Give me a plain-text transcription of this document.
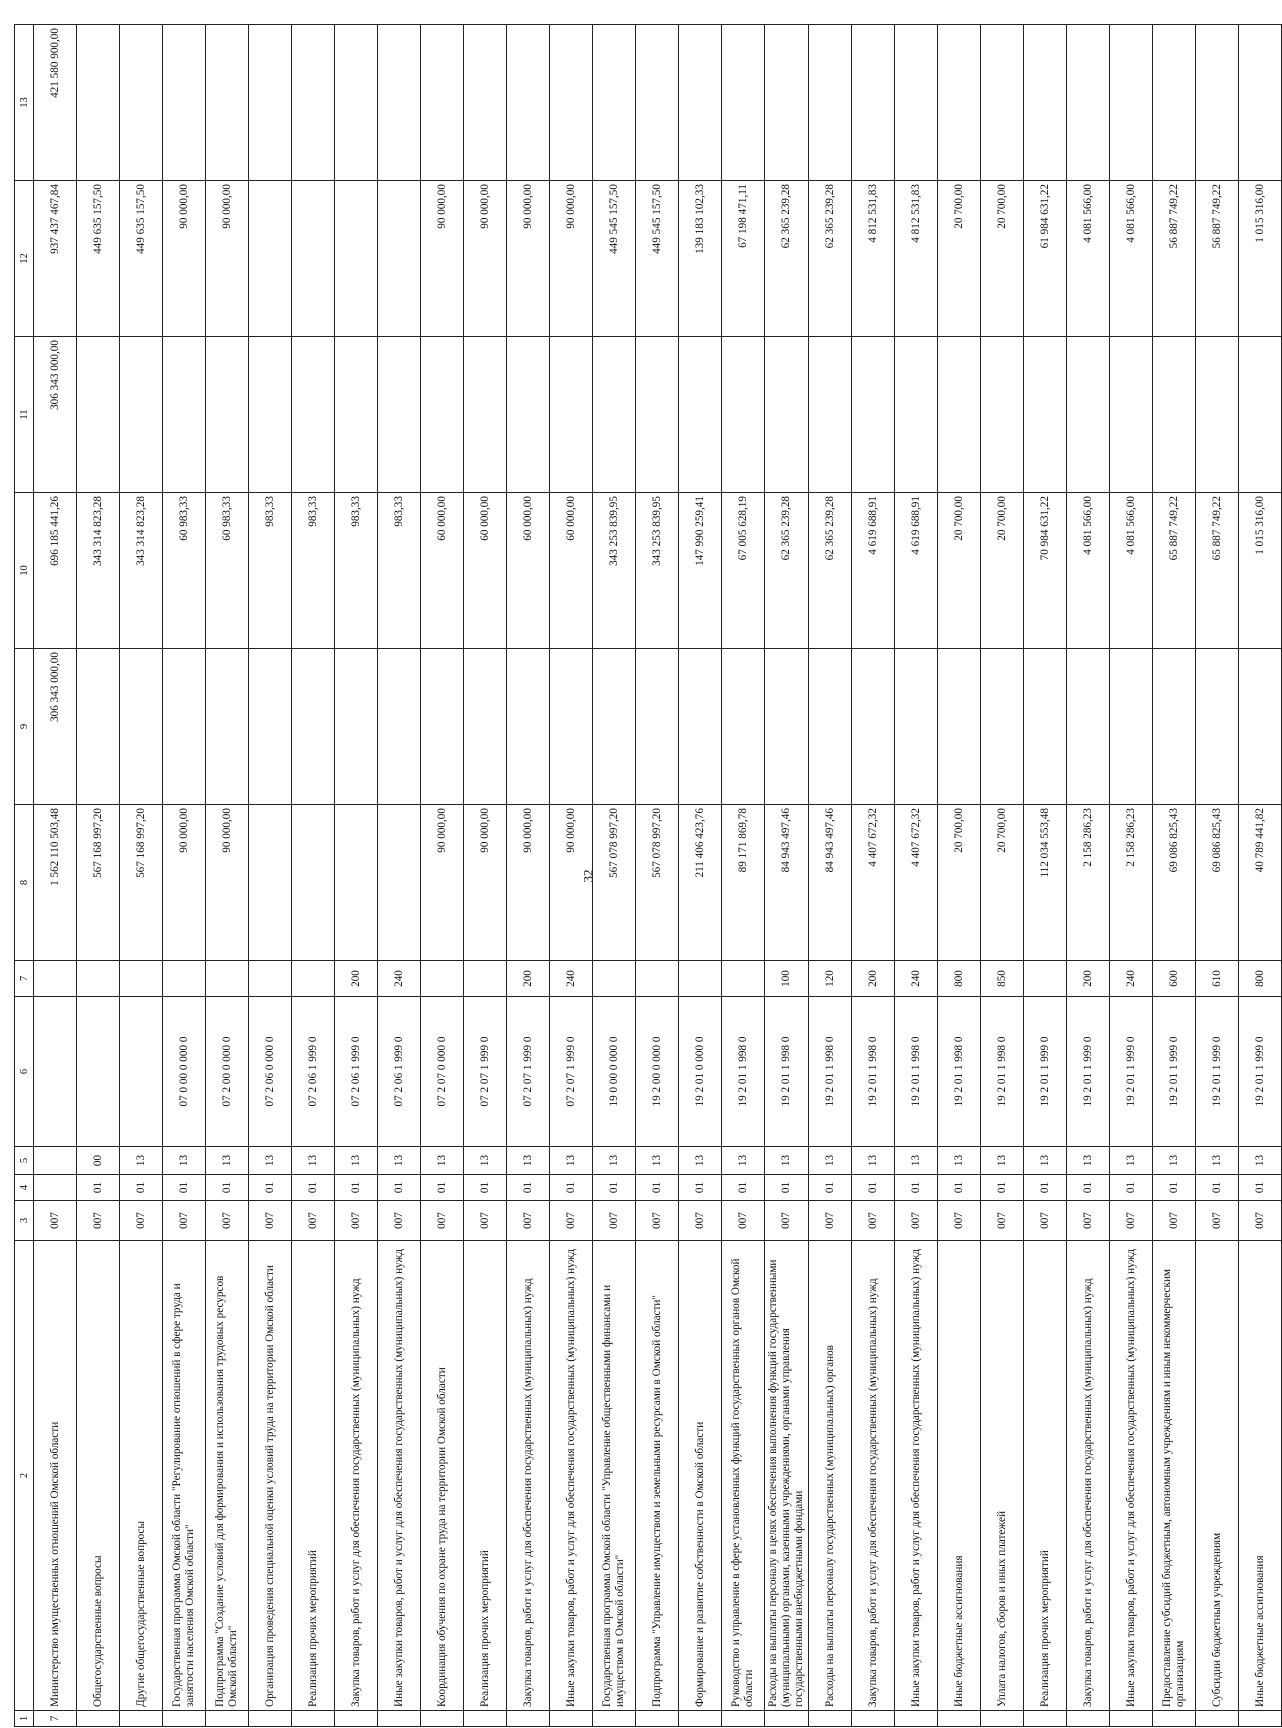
32
1	2	3	4	5	6	7	8	9	10	11	12	13
7	Министерство имущественных отношений Омской области	007					1 562 110 503,48	306 343 000,00	696 185 441,26	306 343 000,00	937 437 467,84	421 580 900,00
	Общегосударственные вопросы	007	01	00			567 168 997,20		343 314 823,28		449 635 157,50	
	Другие общегосударственные вопросы	007	01	13			567 168 997,20		343 314 823,28		449 635 157,50	
	Государственная программа Омской области "Регулирование отношений в сфере труда и занятости населения Омской области"	007	01	13	07 0 00 0 000 0		90 000,00		60 983,33		90 000,00	
	Подпрограмма "Создание условий для формирования и использования трудовых ресурсов Омской области"	007	01	13	07 2 00 0 000 0		90 000,00		60 983,33		90 000,00	
	Организация проведения специальной оценки условий труда на территории Омской области	007	01	13	07 2 06 0 000 0				983,33			
	Реализация прочих мероприятий	007	01	13	07 2 06 1 999 0				983,33			
	Закупка товаров, работ и услуг для обеспечения государственных (муниципальных) нужд	007	01	13	07 2 06 1 999 0	200			983,33			
	Иные закупки товаров, работ и услуг для обеспечения государственных (муниципальных) нужд	007	01	13	07 2 06 1 999 0	240			983,33			
	Координация обучения по охране труда на территории Омской области	007	01	13	07 2 07 0 000 0		90 000,00		60 000,00		90 000,00	
	Реализация прочих мероприятий	007	01	13	07 2 07 1 999 0		90 000,00		60 000,00		90 000,00	
	Закупка товаров, работ и услуг для обеспечения государственных (муниципальных) нужд	007	01	13	07 2 07 1 999 0	200	90 000,00		60 000,00		90 000,00	
	Иные закупки товаров, работ и услуг для обеспечения государственных (муниципальных) нужд	007	01	13	07 2 07 1 999 0	240	90 000,00		60 000,00		90 000,00	
	Государственная программа Омской области "Управление общественными финансами и имуществом в Омской области"	007	01	13	19 0 00 0 000 0		567 078 997,20		343 253 839,95		449 545 157,50	
	Подпрограмма "Управление имуществом и земельными ресурсами в Омской области"	007	01	13	19 2 00 0 000 0		567 078 997,20		343 253 839,95		449 545 157,50	
	Формирование и развитие собственности в Омской области	007	01	13	19 2 01 0 000 0		211 406 423,76		147 990 259,41		139 183 102,33	
	Руководство и управление в сфере установленных функций государственных органов Омской области	007	01	13	19 2 01 1 998 0		89 171 869,78		67 005 628,19		67 198 471,11	
	Расходы на выплаты персоналу в целях обеспечения выполнения функций государственными (муниципальными) органами, казенными учреждениями, органами управления государственными внебюджетными фондами	007	01	13	19 2 01 1 998 0	100	84 943 497,46		62 365 239,28		62 365 239,28	
	Расходы на выплаты персоналу государственных (муниципальных) органов	007	01	13	19 2 01 1 998 0	120	84 943 497,46		62 365 239,28		62 365 239,28	
	Закупка товаров, работ и услуг для обеспечения государственных (муниципальных) нужд	007	01	13	19 2 01 1 998 0	200	4 407 672,32		4 619 688,91		4 812 531,83	
	Иные закупки товаров, работ и услуг для обеспечения государственных (муниципальных) нужд	007	01	13	19 2 01 1 998 0	240	4 407 672,32		4 619 688,91		4 812 531,83	
	Иные бюджетные ассигнования	007	01	13	19 2 01 1 998 0	800	20 700,00		20 700,00		20 700,00	
	Уплата налогов, сборов и иных платежей	007	01	13	19 2 01 1 998 0	850	20 700,00		20 700,00		20 700,00	
	Реализация прочих мероприятий	007	01	13	19 2 01 1 999 0		112 034 553,48		70 984 631,22		61 984 631,22	
	Закупка товаров, работ и услуг для обеспечения государственных (муниципальных) нужд	007	01	13	19 2 01 1 999 0	200	2 158 286,23		4 081 566,00		4 081 566,00	
	Иные закупки товаров, работ и услуг для обеспечения государственных (муниципальных) нужд	007	01	13	19 2 01 1 999 0	240	2 158 286,23		4 081 566,00		4 081 566,00	
	Предоставление субсидий бюджетным, автономным учреждениям и иным некоммерческим организациям	007	01	13	19 2 01 1 999 0	600	69 086 825,43		65 887 749,22		56 887 749,22	
	Субсидии бюджетным учреждениям	007	01	13	19 2 01 1 999 0	610	69 086 825,43		65 887 749,22		56 887 749,22	
	Иные бюджетные ассигнования	007	01	13	19 2 01 1 999 0	800	40 789 441,82		1 015 316,00		1 015 316,00	
